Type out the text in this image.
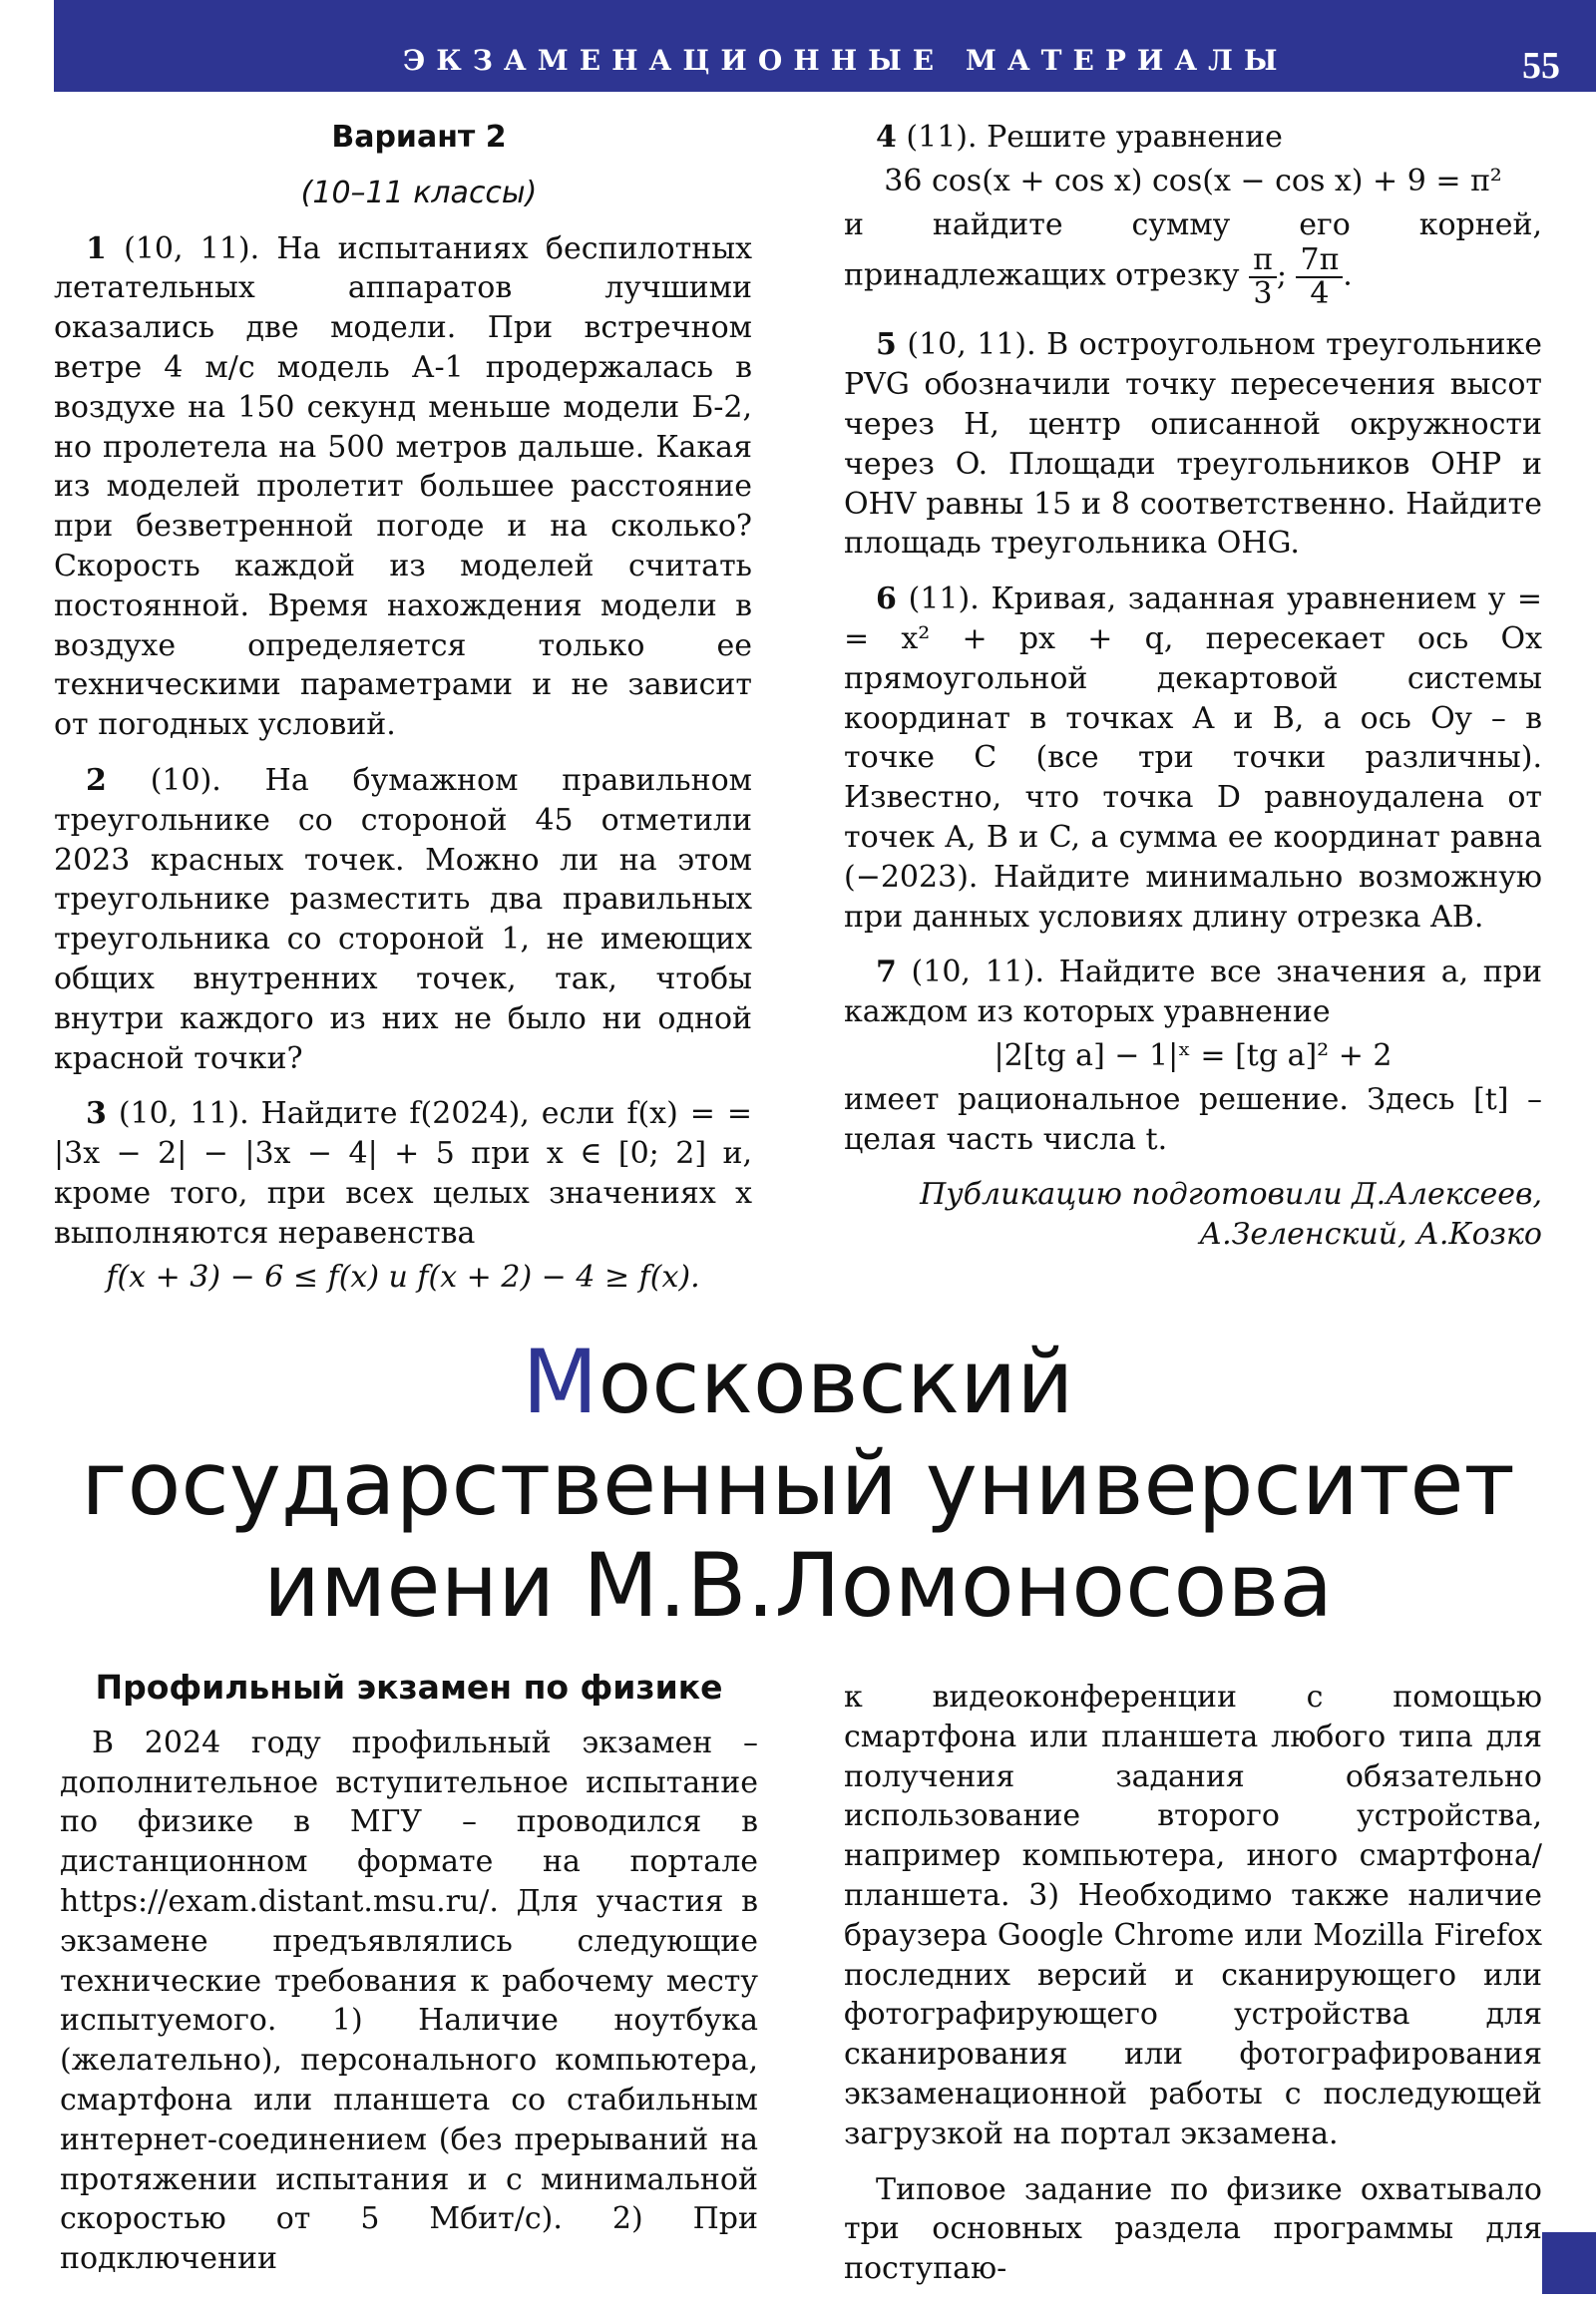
ЭКЗАМЕНАЦИОННЫЕ МАТЕРИАЛЫ	55

Вариант 2

(10–11 классы)

1 (10, 11). На испытаниях беспилотных летательных аппаратов лучшими оказались две модели. При встречном ветре 4 м/с модель А-1 продержалась в воздухе на 150 секунд меньше модели Б-2, но пролетела на 500 метров дальше. Какая из моделей пролетит большее расстояние при безветренной погоде и на сколько? Скорость каждой из моделей считать постоянной. Время нахождения модели в воздухе определяется только ее техническими параметрами и не зависит от погодных условий.

2 (10). На бумажном правильном треугольнике со стороной 45 отметили 2023 красных точек. Можно ли на этом треугольнике разместить два правильных треугольника со стороной 1, не имеющих общих внутренних точек, так, чтобы внутри каждого из них не было ни одной красной точки?

3 (10, 11). Найдите f(2024), если f(x) = = |3x − 2| − |3x − 4| + 5 при x ∈ [0; 2] и, кроме того, при всех целых значениях x выполняются неравенства

f(x + 3) − 6 ≤ f(x) и f(x + 2) − 4 ≥ f(x).

4 (11). Решите уравнение

36 cos(x + cos x) cos(x − cos x) + 9 = π²

и найдите сумму его корней, принадлежащих отрезку $\frac{\pi}{3}$ ; $\frac{7\pi}{4}$ .

5 (10, 11). В остроугольном треугольнике PVG обозначили точку пересечения высот через H, центр описанной окружности через O. Площади треугольников OHP и OHV равны 15 и 8 соответственно. Найдите площадь треугольника OHG.

6 (11). Кривая, заданная уравнением y = = x² + px + q, пересекает ось Ox прямоугольной декартовой системы координат в точках A и B, а ось Oy – в точке C (все три точки различны). Известно, что точка D равноудалена от точек A, B и C, а сумма ее координат равна (−2023). Найдите минимально возможную при данных условиях длину отрезка AB.

7 (10, 11). Найдите все значения a, при каждом из которых уравнение

|2[tg a] − 1|ˣ = [tg a]² + 2

имеет рациональное решение. Здесь [t] – целая часть числа t.

Публикацию подготовили Д.Алексеев,
А.Зеленский, А.Козко

Московский
государственный университет
имени М.В.Ломоносова

Профильный экзамен по физике

В 2024 году профильный экзамен – дополнительное вступительное испытание по физике в МГУ – проводился в дистанционном формате на портале https://exam.distant.msu.ru/. Для участия в экзамене предъявлялись следующие технические требования к рабочему месту испытуемого. 1) Наличие ноутбука (желательно), персонального компьютера, смартфона или планшета со стабильным интернет-соединением (без прерываний на протяжении испытания и с минимальной скоростью от 5 Мбит/с). 2) При подключении

к видеоконференции с помощью смартфона или планшета любого типа для получения задания обязательно использование второго устройства, например компьютера, иного смартфона/планшета. 3) Необходимо также наличие браузера Google Chrome или Mozilla Firefox последних версий и сканирующего или фотографирующего устройства для сканирования или фотографирования экзаменационной работы с последующей загрузкой на портал экзамена.

Типовое задание по физике охватывало три основных раздела программы для поступаю-
